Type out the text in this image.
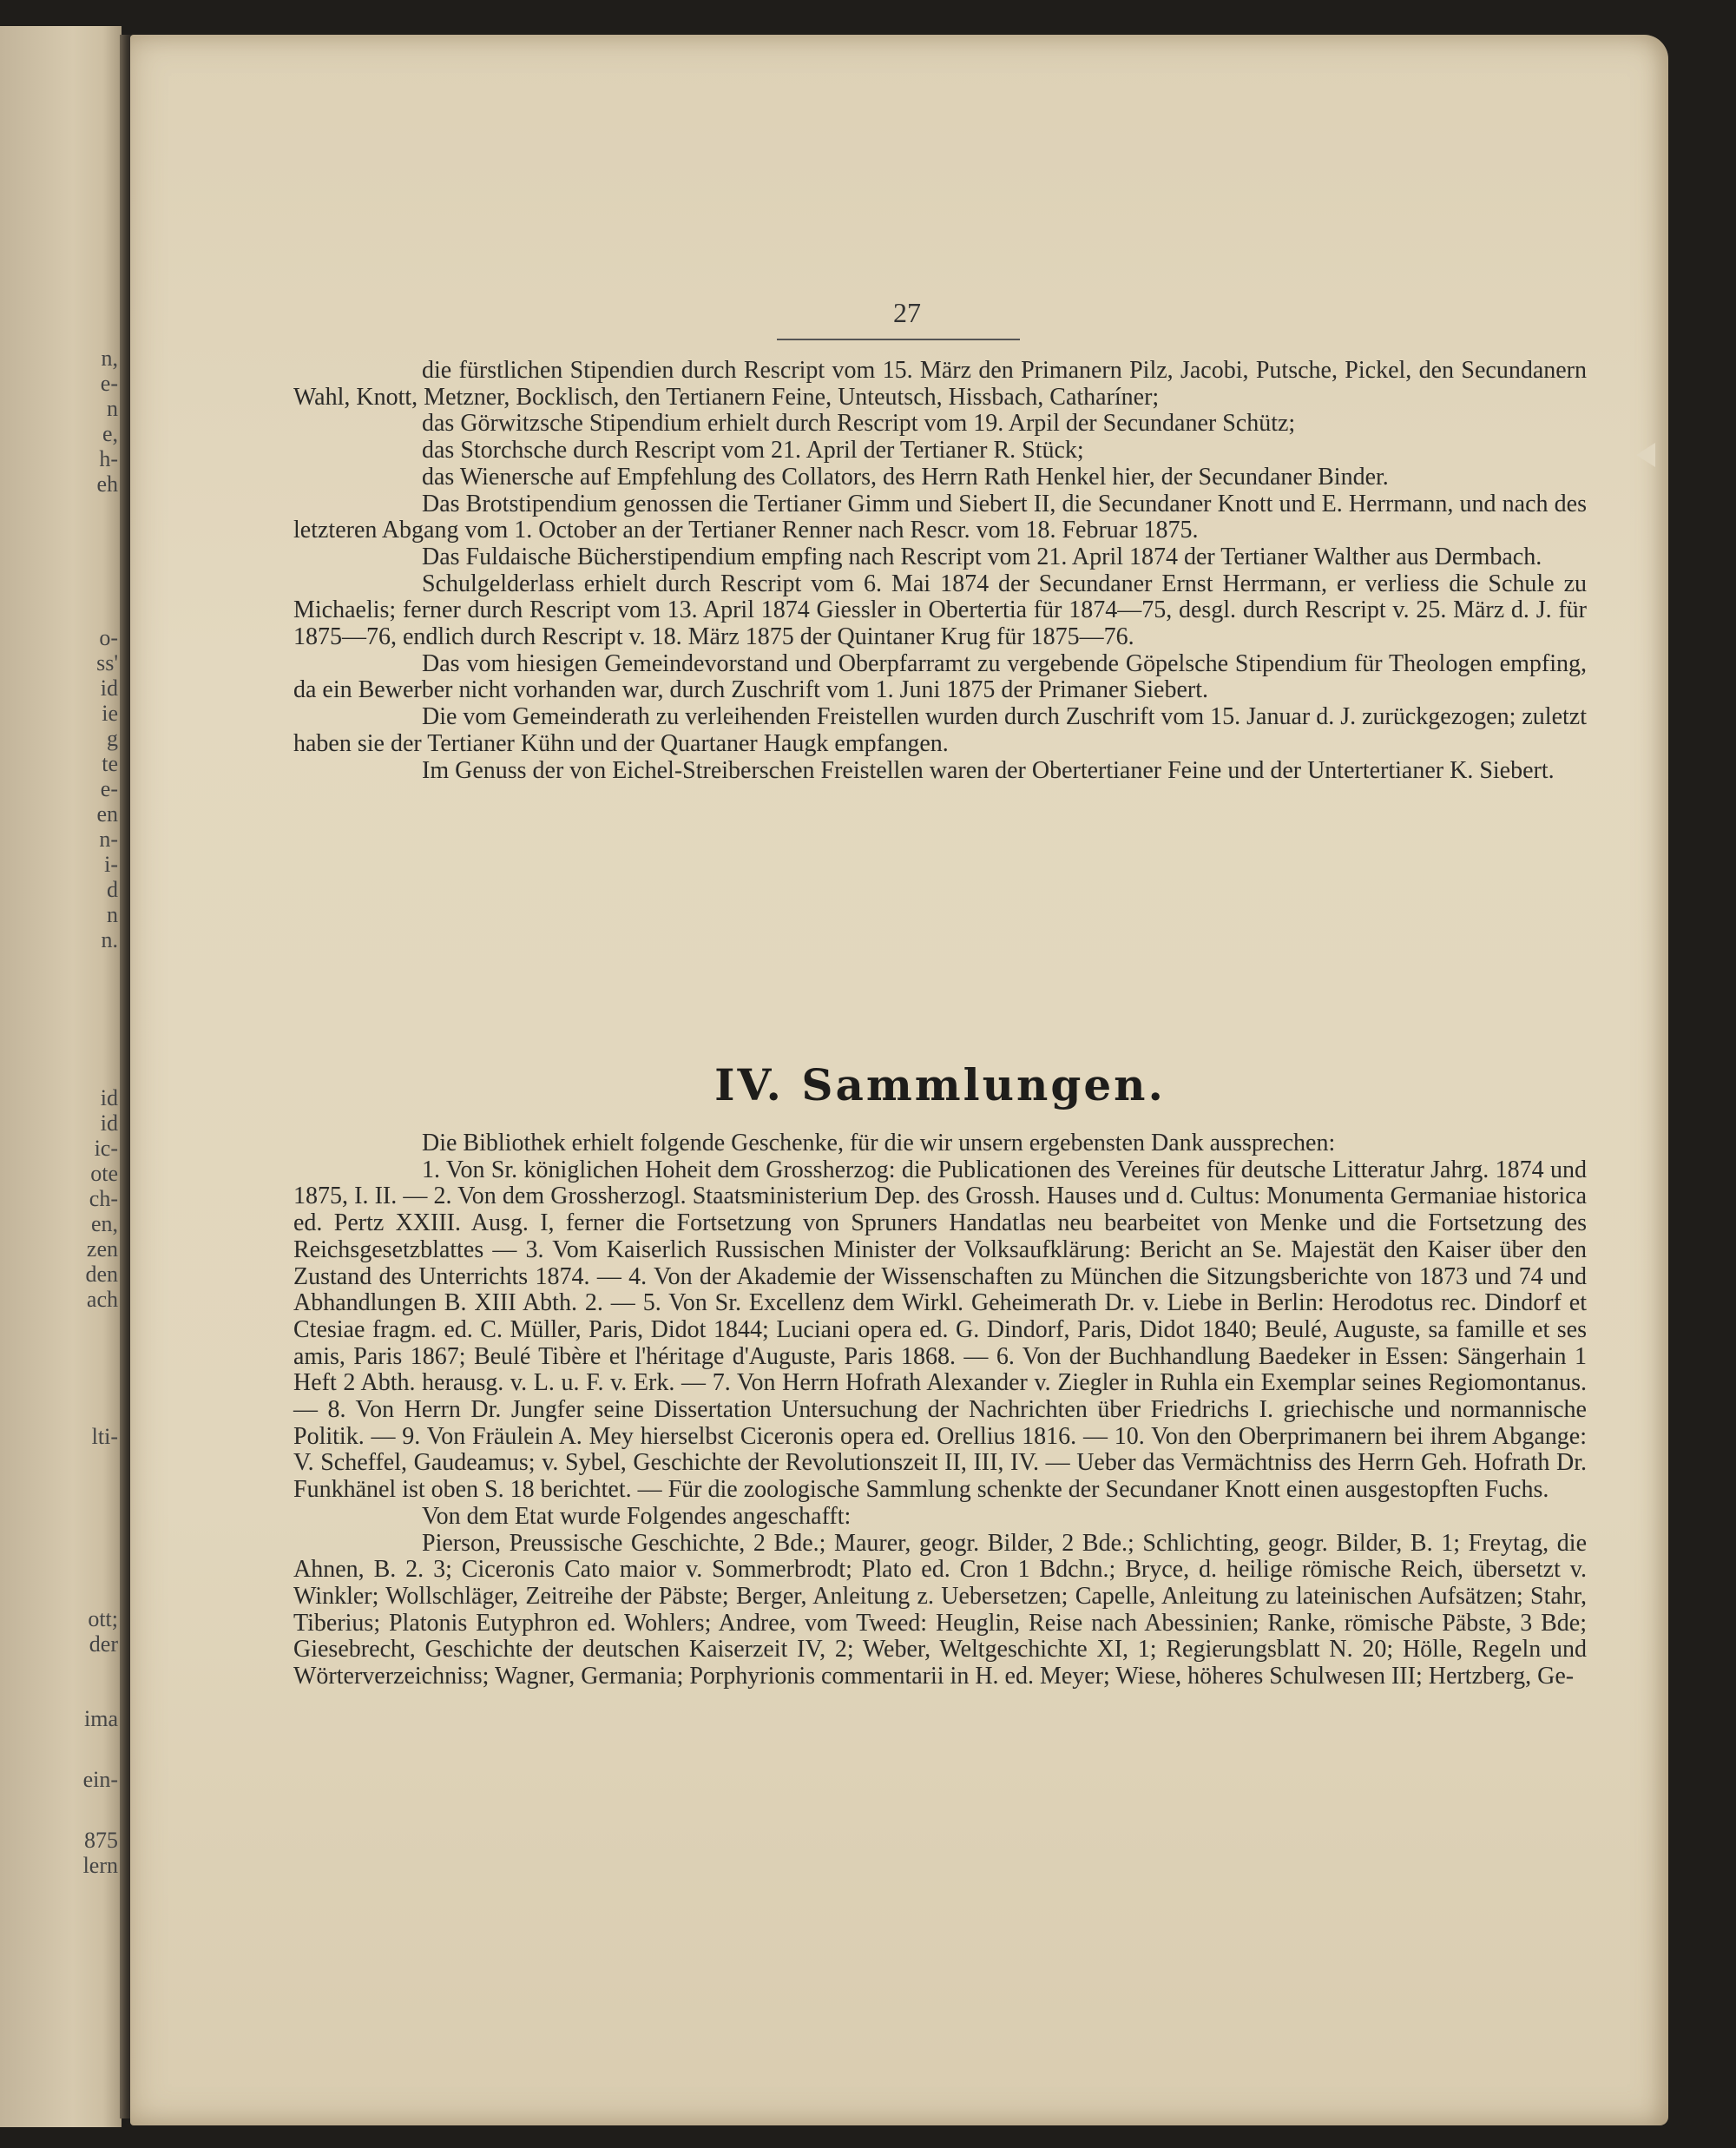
n,
e-
n
e,
h-
eh
o-
ss'
id
ie
g
te
e-
en
n-
i-
d
n
n.
id
id
ic-
ote
ch-
en,
zen
den
ach
lti-
ott;
der
ima
ein-
875
lern
27

die fürstlichen Stipendien durch Rescript vom 15. März den Primanern Pilz, Jacobi, Putsche, Pickel, den Secundanern Wahl, Knott, Metzner, Bocklisch, den Tertianern Feine, Unteutsch, Hissbach, Catharíner;

das Görwitzsche Stipendium erhielt durch Rescript vom 19. Arpil der Secundaner Schütz;

das Storchsche durch Rescript vom 21. April der Tertianer R. Stück;

das Wienersche auf Empfehlung des Collators, des Herrn Rath Henkel hier, der Secundaner Binder.

Das Brotstipendium genossen die Tertianer Gimm und Siebert II, die Secundaner Knott und E. Herrmann, und nach des letzteren Abgang vom 1. October an der Tertianer Renner nach Rescr. vom 18. Februar 1875.

Das Fuldaische Bücherstipendium empfing nach Rescript vom 21. April 1874 der Tertianer Walther aus Dermbach.

Schulgelderlass erhielt durch Rescript vom 6. Mai 1874 der Secundaner Ernst Herrmann, er verliess die Schule zu Michaelis; ferner durch Rescript vom 13. April 1874 Giessler in Obertertia für 1874—75, desgl. durch Rescript v. 25. März d. J. für 1875—76, endlich durch Rescript v. 18. März 1875 der Quintaner Krug für 1875—76.

Das vom hiesigen Gemeindevorstand und Oberpfarramt zu vergebende Göpelsche Stipendium für Theologen empfing, da ein Bewerber nicht vorhanden war, durch Zuschrift vom 1. Juni 1875 der Primaner Siebert.

Die vom Gemeinderath zu verleihenden Freistellen wurden durch Zuschrift vom 15. Januar d. J. zurückgezogen; zuletzt haben sie der Tertianer Kühn und der Quartaner Haugk empfangen.

Im Genuss der von Eichel-Streiberschen Freistellen waren der Obertertianer Feine und der Untertertianer K. Siebert.

IV. Sammlungen.

Die Bibliothek erhielt folgende Geschenke, für die wir unsern ergebensten Dank aussprechen:

1. Von Sr. königlichen Hoheit dem Grossherzog: die Publicationen des Vereines für deutsche Litteratur Jahrg. 1874 und 1875, I. II. — 2. Von dem Grossherzogl. Staatsministerium Dep. des Grossh. Hauses und d. Cultus: Monumenta Germaniae historica ed. Pertz XXIII. Ausg. I, ferner die Fortsetzung von Spruners Handatlas neu bearbeitet von Menke und die Fortsetzung des Reichsgesetzblattes — 3. Vom Kaiserlich Russischen Minister der Volksaufklärung: Bericht an Se. Majestät den Kaiser über den Zustand des Unterrichts 1874. — 4. Von der Akademie der Wissenschaften zu München die Sitzungsberichte von 1873 und 74 und Abhandlungen B. XIII Abth. 2. — 5. Von Sr. Excellenz dem Wirkl. Geheimerath Dr. v. Liebe in Berlin: Herodotus rec. Dindorf et Ctesiae fragm. ed. C. Müller, Paris, Didot 1844; Luciani opera ed. G. Dindorf, Paris, Didot 1840; Beulé, Auguste, sa famille et ses amis, Paris 1867; Beulé Tibère et l'héritage d'Auguste, Paris 1868. — 6. Von der Buchhandlung Baedeker in Essen: Sängerhain 1 Heft 2 Abth. herausg. v. L. u. F. v. Erk. — 7. Von Herrn Hofrath Alexander v. Ziegler in Ruhla ein Exemplar seines Regiomontanus. — 8. Von Herrn Dr. Jungfer seine Dissertation Untersuchung der Nachrichten über Friedrichs I. griechische und normannische Politik. — 9. Von Fräulein A. Mey hierselbst Ciceronis opera ed. Orellius 1816. — 10. Von den Oberprimanern bei ihrem Abgange: V. Scheffel, Gaudeamus; v. Sybel, Geschichte der Revolutionszeit II, III, IV. — Ueber das Vermächtniss des Herrn Geh. Hofrath Dr. Funkhänel ist oben S. 18 berichtet. — Für die zoologische Sammlung schenkte der Secundaner Knott einen ausgestopften Fuchs.

Von dem Etat wurde Folgendes angeschafft:

Pierson, Preussische Geschichte, 2 Bde.; Maurer, geogr. Bilder, 2 Bde.; Schlichting, geogr. Bilder, B. 1; Freytag, die Ahnen, B. 2. 3; Ciceronis Cato maior v. Sommerbrodt; Plato ed. Cron 1 Bdchn.; Bryce, d. heilige römische Reich, übersetzt v. Winkler; Wollschläger, Zeitreihe der Päbste; Berger, Anleitung z. Uebersetzen; Capelle, Anleitung zu lateinischen Aufsätzen; Stahr, Tiberius; Platonis Eutyphron ed. Wohlers; Andree, vom Tweed: Heuglin, Reise nach Abessinien; Ranke, römische Päbste, 3 Bde; Giesebrecht, Geschichte der deutschen Kaiserzeit IV, 2; Weber, Weltgeschichte XI, 1; Regierungsblatt N. 20; Hölle, Regeln und Wörterverzeichniss; Wagner, Germania; Porphyrionis commentarii in H. ed. Meyer; Wiese, höheres Schulwesen III; Hertzberg, Ge-
